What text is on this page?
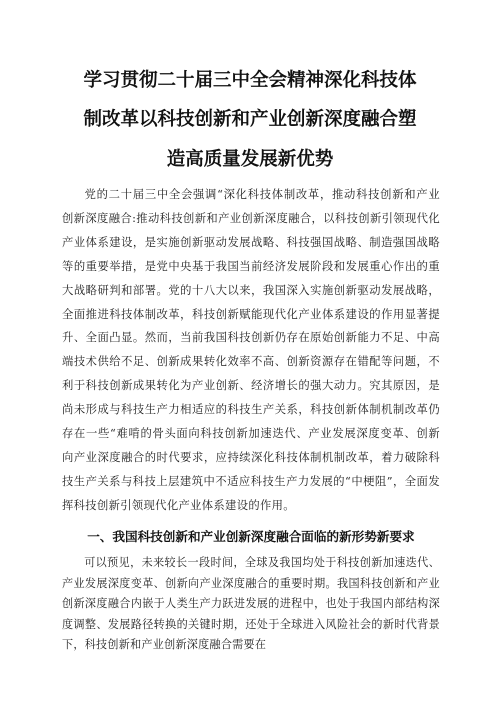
学习贯彻二十届三中全会精神深化科技体
制改革以科技创新和产业创新深度融合塑
造高质量发展新优势

党的二十届三中全会强调“深化科技体制改革，推动科技创新和产业创新深度融合:推动科技创新和产业创新深度融合，以科技创新引领现代化产业体系建设，是实施创新驱动发展战略、科技强国战略、制造强国战略等的重要举措，是党中央基于我国当前经济发展阶段和发展重心作出的重大战略研判和部署。党的十八大以来，我国深入实施创新驱动发展战略，全面推进科技体制改革，科技创新赋能现代化产业体系建设的作用显著提升、全面凸显。然而，当前我国科技创新仍存在原始创新能力不足、中高端技术供给不足、创新成果转化效率不高、创新资源存在错配等问题，不利于科技创新成果转化为产业创新、经济增长的强大动力。究其原因，是尚未形成与科技生产力相适应的科技生产关系，科技创新体制机制改革仍存在一些“难啃的骨头面向科技创新加速迭代、产业发展深度变革、创新向产业深度融合的时代要求，应持续深化科技体制机制改革，着力破除科技生产关系与科技上层建筑中不适应科技生产力发展的“中梗阻”，全面发挥科技创新引领现代化产业体系建设的作用。

一、我国科技创新和产业创新深度融合面临的新形势新要求

可以预见，未来较长一段时间，全球及我国均处于科技创新加速迭代、产业发展深度变革、创新向产业深度融合的重要时期。我国科技创新和产业创新深度融合内嵌于人类生产力跃进发展的进程中，也处于我国内部结构深度调整、发展路径转换的关键时期，还处于全球进入风险社会的新时代背景下，科技创新和产业创新深度融合需要在
